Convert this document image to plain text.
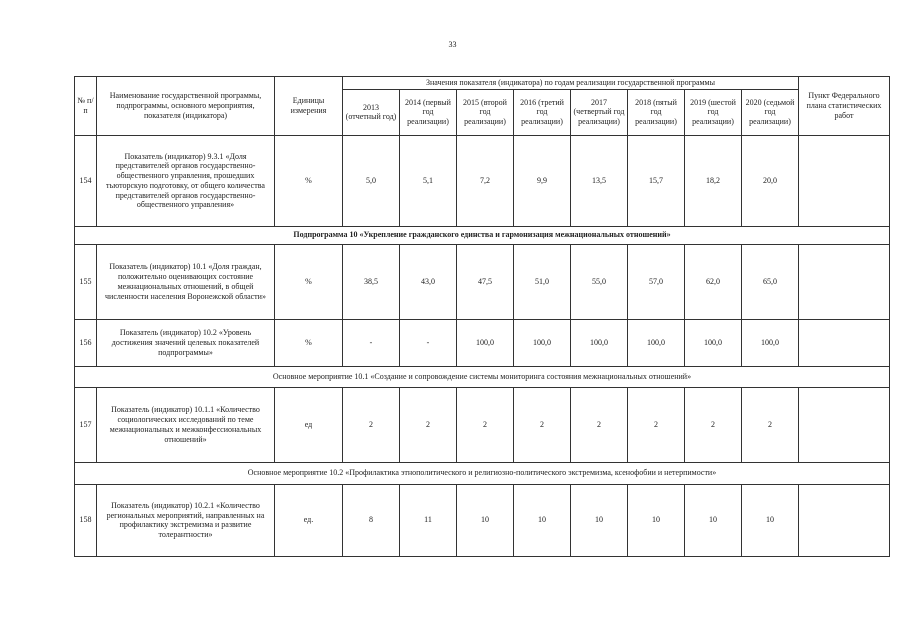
33
№ п/п	Наименование государственной программы, подпрограммы, основного мероприятия, показателя (индикатора)	Единицы измерения	Значения показателя (индикатора) по годам реализации государственной программы								Пункт Федерального плана статистических работ
			2013 (отчетный год)	2014 (первый год реализации)	2015 (второй год реализации)	2016 (третий год реализации)	2017 (четвертый год реализации)	2018 (пятый год реализации)	2019 (шестой год реализации)	2020 (седьмой год реализации)	
154	Показатель (индикатор) 9.3.1 «Доля представителей органов государственно-общественного управления, прошедших тьюторскую подготовку, от общего количества представителей органов государственно-общественного управления»	%	5,0	5,1	7,2	9,9	13,5	15,7	18,2	20,0	
Подпрограмма 10 «Укрепление гражданского единства и гармонизация межнациональных отношений»											
155	Показатель (индикатор) 10.1 «Доля граждан, положительно оценивающих состояние межнациональных отношений, в общей численности населения Воронежской области»	%	38,5	43,0	47,5	51,0	55,0	57,0	62,0	65,0	
156	Показатель (индикатор) 10.2 «Уровень достижения значений целевых показателей подпрограммы»	%	-	-	100,0	100,0	100,0	100,0	100,0	100,0	
Основное мероприятие 10.1 «Создание и сопровождение системы мониторинга состояния межнациональных отношений»											
157	Показатель (индикатор) 10.1.1 «Количество социологических исследований по теме межнациональных и межконфессиональных отношений»	ед	2	2	2	2	2	2	2	2	
Основное мероприятие 10.2 «Профилактика этнополитического и религиозно-политического экстремизма, ксенофобии и нетерпимости»											
158	Показатель (индикатор) 10.2.1 «Количество региональных мероприятий, направленных на профилактику экстремизма и развитие толерантности»	ед.	8	11	10	10	10	10	10	10	
